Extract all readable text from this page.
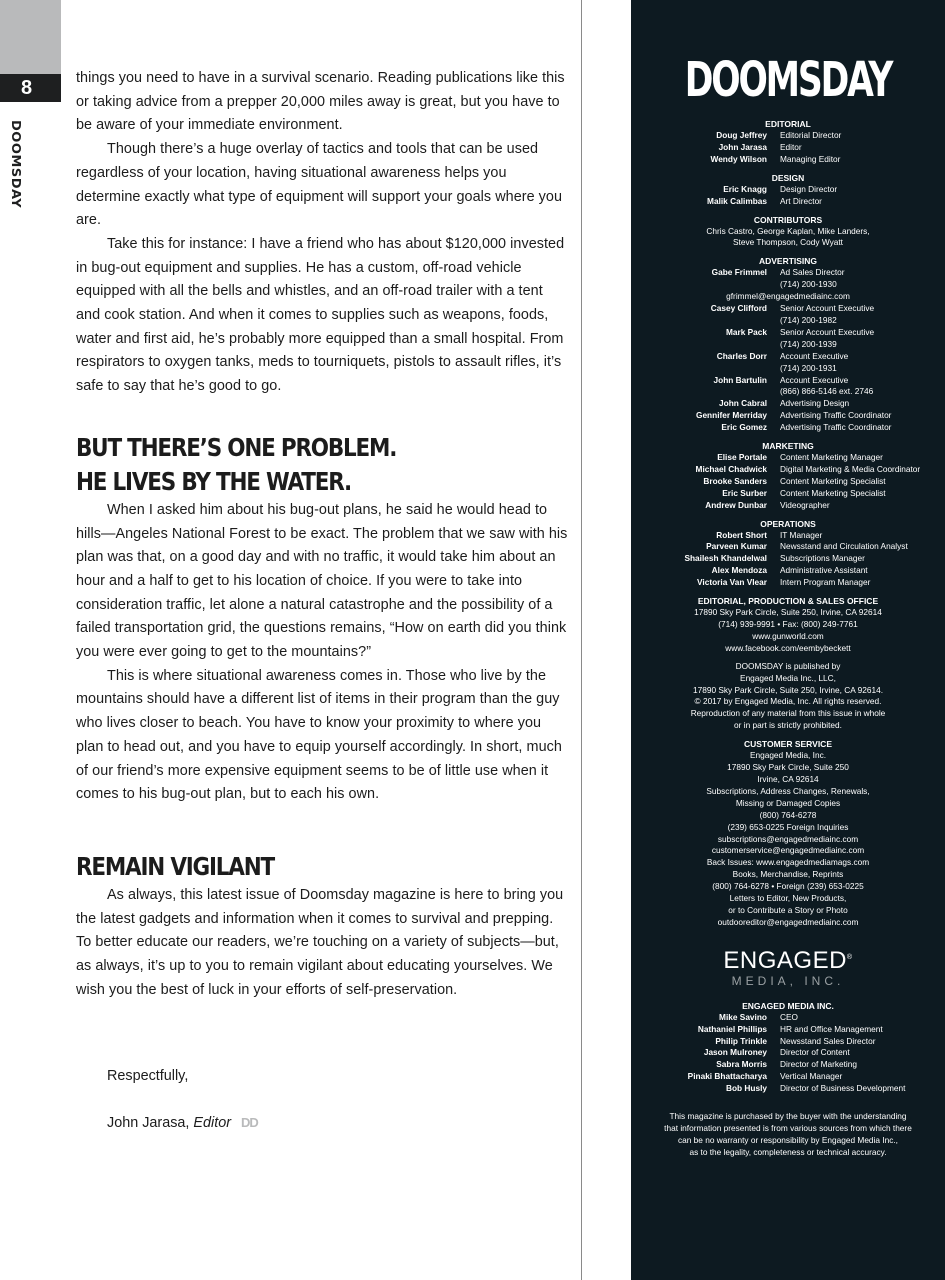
8
DOOMSDAY

things you need to have in a survival scenario. Reading publications like this or taking advice from a prepper 20,000 miles away is great, but you have to be aware of your immediate environment.

Though there’s a huge overlay of tactics and tools that can be used regardless of your location, having situational awareness helps you determine exactly what type of equipment will support your goals where you are.

Take this for instance: I have a friend who has about $120,000 invested in bug-out equipment and supplies. He has a custom, off-road vehicle equipped with all the bells and whistles, and an off-road trailer with a tent and cook station. And when it comes to supplies such as weapons, foods, water and first aid, he’s probably more equipped than a small hospital. From respirators to oxygen tanks, meds to tourniquets, pistols to assault rifles, it’s safe to say that he’s good to go.

BUT THERE’S ONE PROBLEM.
HE LIVES BY THE WATER.

When I asked him about his bug-out plans, he said he would head to hills—Angeles National Forest to be exact. The problem that we saw with his plan was that, on a good day and with no traffic, it would take him about an hour and a half to get to his location of choice. If you were to take into consideration traffic, let alone a natural catastrophe and the possibility of a failed transportation grid, the questions remains, “How on earth did you think you were ever going to get to the mountains?”

This is where situational awareness comes in. Those who live by the mountains should have a different list of items in their program than the guy who lives closer to beach. You have to know your proximity to where you plan to head out, and you have to equip yourself accordingly. In short, much of our friend’s more expensive equipment seems to be of little use when it comes to his bug-out plan, but to each his own.

REMAIN VIGILANT

As always, this latest issue of Doomsday magazine is here to bring you the latest gadgets and information when it comes to survival and prepping. To better educate our readers, we’re touching on a variety of subjects—but, as always, it’s up to you to remain vigilant about educating yourselves. We wish you the best of luck in your efforts of self-preservation.

Respectfully,
John Jarasa, Editor DD
DOOMSDAY
EDITORIAL
Doug Jeffrey	Editorial Director
John Jarasa	Editor
Wendy Wilson	Managing Editor
DESIGN
Eric Knagg	Design Director
Malik Calimbas	Art Director
CONTRIBUTORS
Chris Castro, George Kaplan, Mike Landers,
Steve Thompson, Cody Wyatt
ADVERTISING
Gabe Frimmel	Ad Sales Director
(714) 200-1930
gfrimmel@engagedmediainc.com
Casey Clifford	Senior Account Executive
(714) 200-1982
Mark Pack	Senior Account Executive
(714) 200-1939
Charles Dorr	Account Executive
(714) 200-1931
John Bartulin	Account Executive
(866) 866-5146 ext. 2746
John Cabral	Advertising Design
Gennifer Merriday	Advertising Traffic Coordinator
Eric Gomez	Advertising Traffic Coordinator
MARKETING
Elise Portale	Content Marketing Manager
Michael Chadwick	Digital Marketing & Media Coordinator
Brooke Sanders	Content Marketing Specialist
Eric Surber	Content Marketing Specialist
Andrew Dunbar	Videographer
OPERATIONS
Robert Short	IT Manager
Parveen Kumar	Newsstand and Circulation Analyst
Shailesh Khandelwal	Subscriptions Manager
Alex Mendoza	Administrative Assistant
Victoria Van Vlear	Intern Program Manager
EDITORIAL, PRODUCTION & SALES OFFICE
17890 Sky Park Circle, Suite 250, Irvine, CA 92614
(714) 939-9991 • Fax: (800) 249-7761
www.gunworld.com
www.facebook.com/eembybeckett
DOOMSDAY is published by
Engaged Media Inc., LLC,
17890 Sky Park Circle, Suite 250, Irvine, CA 92614.
© 2017 by Engaged Media, Inc. All rights reserved.
Reproduction of any material from this issue in whole
or in part is strictly prohibited.
CUSTOMER SERVICE
Engaged Media, Inc.
17890 Sky Park Circle, Suite 250
Irvine, CA 92614
Subscriptions, Address Changes, Renewals,
Missing or Damaged Copies
(800) 764-6278
(239) 653-0225 Foreign Inquiries
subscriptions@engagedmediainc.com
customerservice@engagedmediainc.com
Back Issues: www.engagedmediamags.com
Books, Merchandise, Reprints
(800) 764-6278 • Foreign (239) 653-0225
Letters to Editor, New Products,
or to Contribute a Story or Photo
outdooreditor@engagedmediainc.com
ENGAGED®
MEDIA, INC.
ENGAGED MEDIA INC.
Mike Savino	CEO
Nathaniel Phillips	HR and Office Management
Philip Trinkle	Newsstand Sales Director
Jason Mulroney	Director of Content
Sabra Morris	Director of Marketing
Pinaki Bhattacharya	Vertical Manager
Bob Husly	Director of Business Development
This magazine is purchased by the buyer with the understanding
that information presented is from various sources from which there
can be no warranty or responsibility by Engaged Media Inc.,
as to the legality, completeness or technical accuracy.
